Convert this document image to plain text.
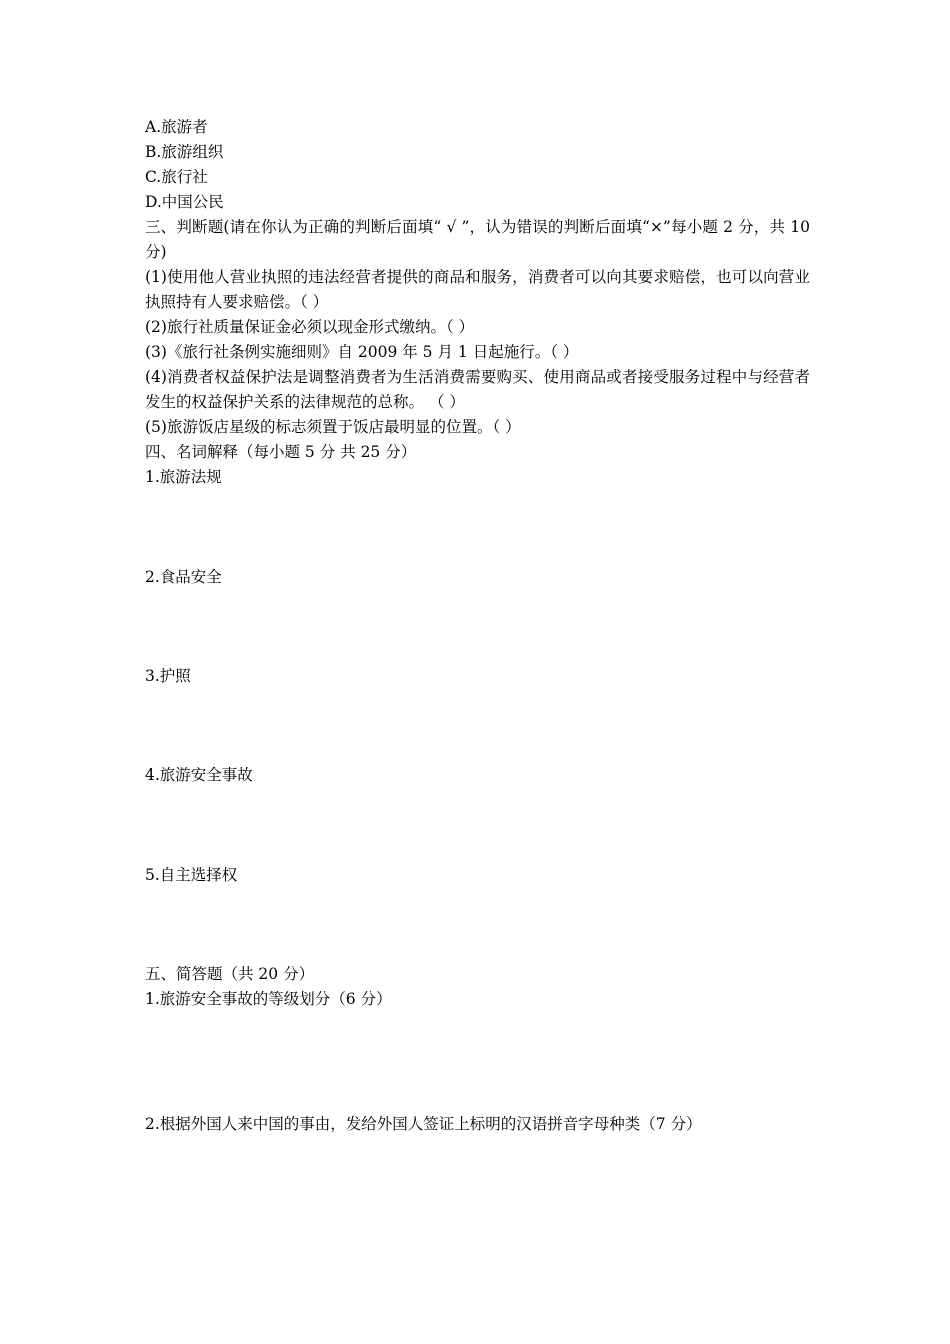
A.旅游者
B.旅游组织
C.旅行社
D.中国公民
三、判断题(请在你认为正确的判断后面填“ √ ”，认为错误的判断后面填“×”每小题 2 分，共 10 分)
(1)使用他人营业执照的违法经营者提供的商品和服务，消费者可以向其要求赔偿，也可以向营业执照持有人要求赔偿。（ ）
(2)旅行社质量保证金必须以现金形式缴纳。（ ）
(3)《旅行社条例实施细则》自 2009 年 5 月 1 日起施行。（ ）
(4)消费者权益保护法是调整消费者为生活消费需要购买、使用商品或者接受服务过程中与经营者发生的权益保护关系的法律规范的总称。 （ ）
(5)旅游饭店星级的标志须置于饭店最明显的位置。（ ）
四、名词解释（每小题 5 分 共 25 分）
1.旅游法规
2.食品安全
3.护照
4.旅游安全事故
5.自主选择权
五、简答题（共 20 分）
1.旅游安全事故的等级划分（6 分）
2.根据外国人来中国的事由，发给外国人签证上标明的汉语拼音字母种类（7 分）
